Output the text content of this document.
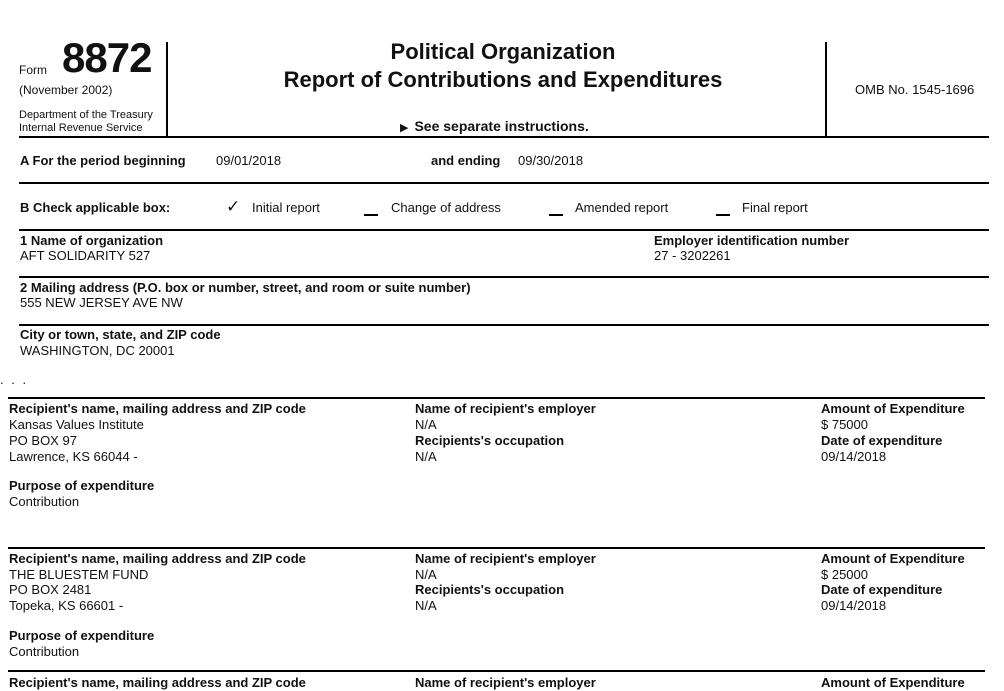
Form 8872
(November 2002)
Department of the Treasury
Internal Revenue Service
Political Organization
Report of Contributions and Expenditures
▶ See separate instructions.
OMB No. 1545-1696
A For the period beginning 09/01/2018	and ending 09/30/2018
B Check applicable box:	✓ Initial report	Change of address	Amended report	Final report
1 Name of organization
AFT SOLIDARITY 527
Employer identification number
27 - 3202261
2 Mailing address (P.O. box or number, street, and room or suite number)
555 NEW JERSEY AVE NW
City or town, state, and ZIP code
WASHINGTON, DC 20001
. . .
Recipient's name, mailing address and ZIP code
Kansas Values Institute
PO BOX 97
Lawrence, KS 66044 -
Name of recipient's employer
N/A
Recipients's occupation
N/A
Amount of Expenditure
$ 75000
Date of expenditure
09/14/2018
Purpose of expenditure
Contribution
Recipient's name, mailing address and ZIP code
THE BLUESTEM FUND
PO BOX 2481
Topeka, KS 66601 -
Name of recipient's employer
N/A
Recipients's occupation
N/A
Amount of Expenditure
$ 25000
Date of expenditure
09/14/2018
Purpose of expenditure
Contribution
Recipient's name, mailing address and ZIP code	Name of recipient's employer	Amount of Expenditure
